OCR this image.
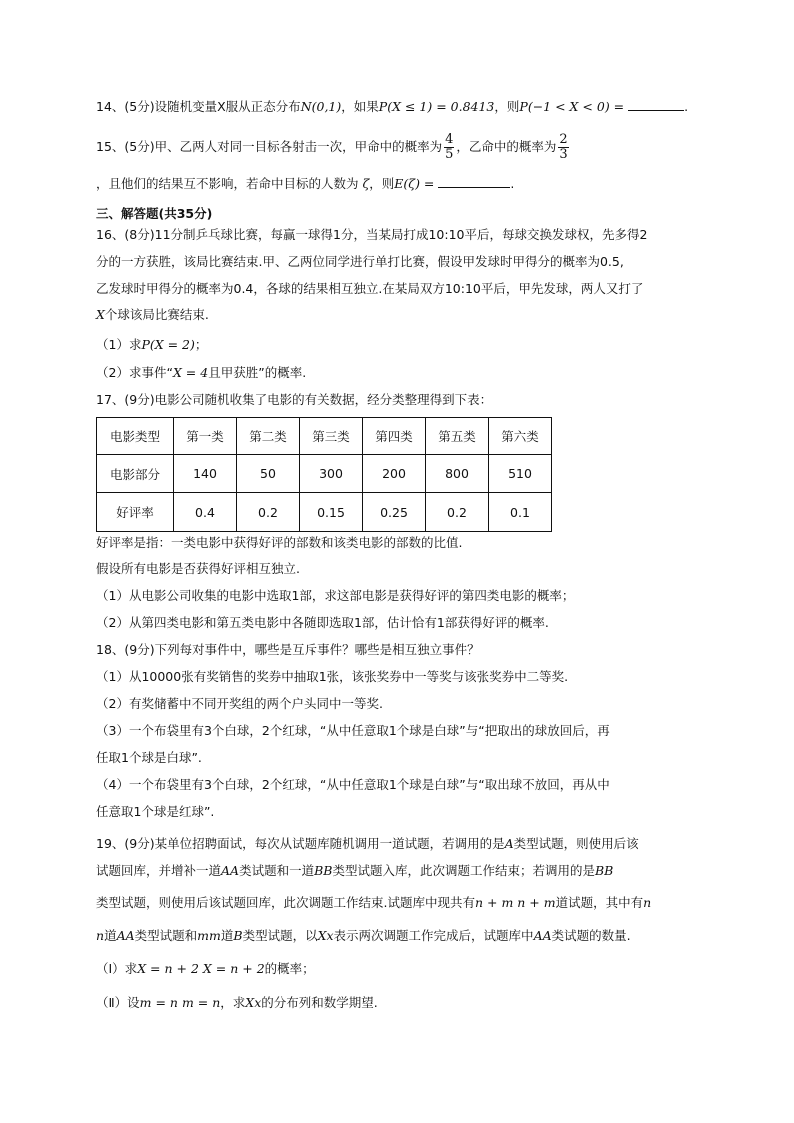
14、(5分)设随机变量X服从正态分布N(0,1)，如果P(X ≤ 1) = 0.8413，则P(−1 < X < 0) =	.
15、(5分)甲、乙两人对同一目标各射击一次，甲命中的概率为 $\frac{4}{5}$ ，乙命中的概率为 $\frac{2}{3}$
，且他们的结果互不影响，若命中目标的人数为 ζ，则E(ζ) =	.
三、解答题(共35分)
16、(8分)11分制乒乓球比赛，每赢一球得1分，当某局打成10:10平后，每球交换发球权，先多得2
分的一方获胜，该局比赛结束.甲、乙两位同学进行单打比赛，假设甲发球时甲得分的概率为0.5,
乙发球时甲得分的概率为0.4，各球的结果相互独立.在某局双方10:10平后，甲先发球，两人又打了
X个球该局比赛结束.
（1）求P(X = 2)；
（2）求事件“X = 4且甲获胜”的概率.
17、(9分)电影公司随机收集了电影的有关数据，经分类整理得到下表：
电影类型	第一类	第二类	第三类	第四类	第五类	第六类
电影部分	140	50	300	200	800	510
好评率	0.4	0.2	0.15	0.25	0.2	0.1
好评率是指：一类电影中获得好评的部数和该类电影的部数的比值.
假设所有电影是否获得好评相互独立.
（1）从电影公司收集的电影中选取1部，求这部电影是获得好评的第四类电影的概率；
（2）从第四类电影和第五类电影中各随即选取1部，估计恰有1部获得好评的概率.
18、(9分)下列每对事件中，哪些是互斥事件？哪些是相互独立事件？
（1）从10000张有奖销售的奖券中抽取1张，该张奖券中一等奖与该张奖券中二等奖.
（2）有奖储蓄中不同开奖组的两个户头同中一等奖.
（3）一个布袋里有3个白球，2个红球，“从中任意取1个球是白球”与“把取出的球放回后，再
任取1个球是白球”.
（4）一个布袋里有3个白球，2个红球，“从中任意取1个球是白球”与“取出球不放回，再从中
任意取1个球是红球”.
19、(9分)某单位招聘面试，每次从试题库随机调用一道试题，若调用的是A类型试题，则使用后该
试题回库，并增补一道AA类试题和一道BB类型试题入库，此次调题工作结束；若调用的是BB
类型试题，则使用后该试题回库，此次调题工作结束.试题库中现共有n + m n + m道试题，其中有n
n道AA类型试题和mm道B类型试题，以Xx表示两次调题工作完成后，试题库中AA类试题的数量.
（Ⅰ）求X = n + 2 X = n + 2的概率；
（Ⅱ）设m = n m = n，求Xx的分布列和数学期望.
